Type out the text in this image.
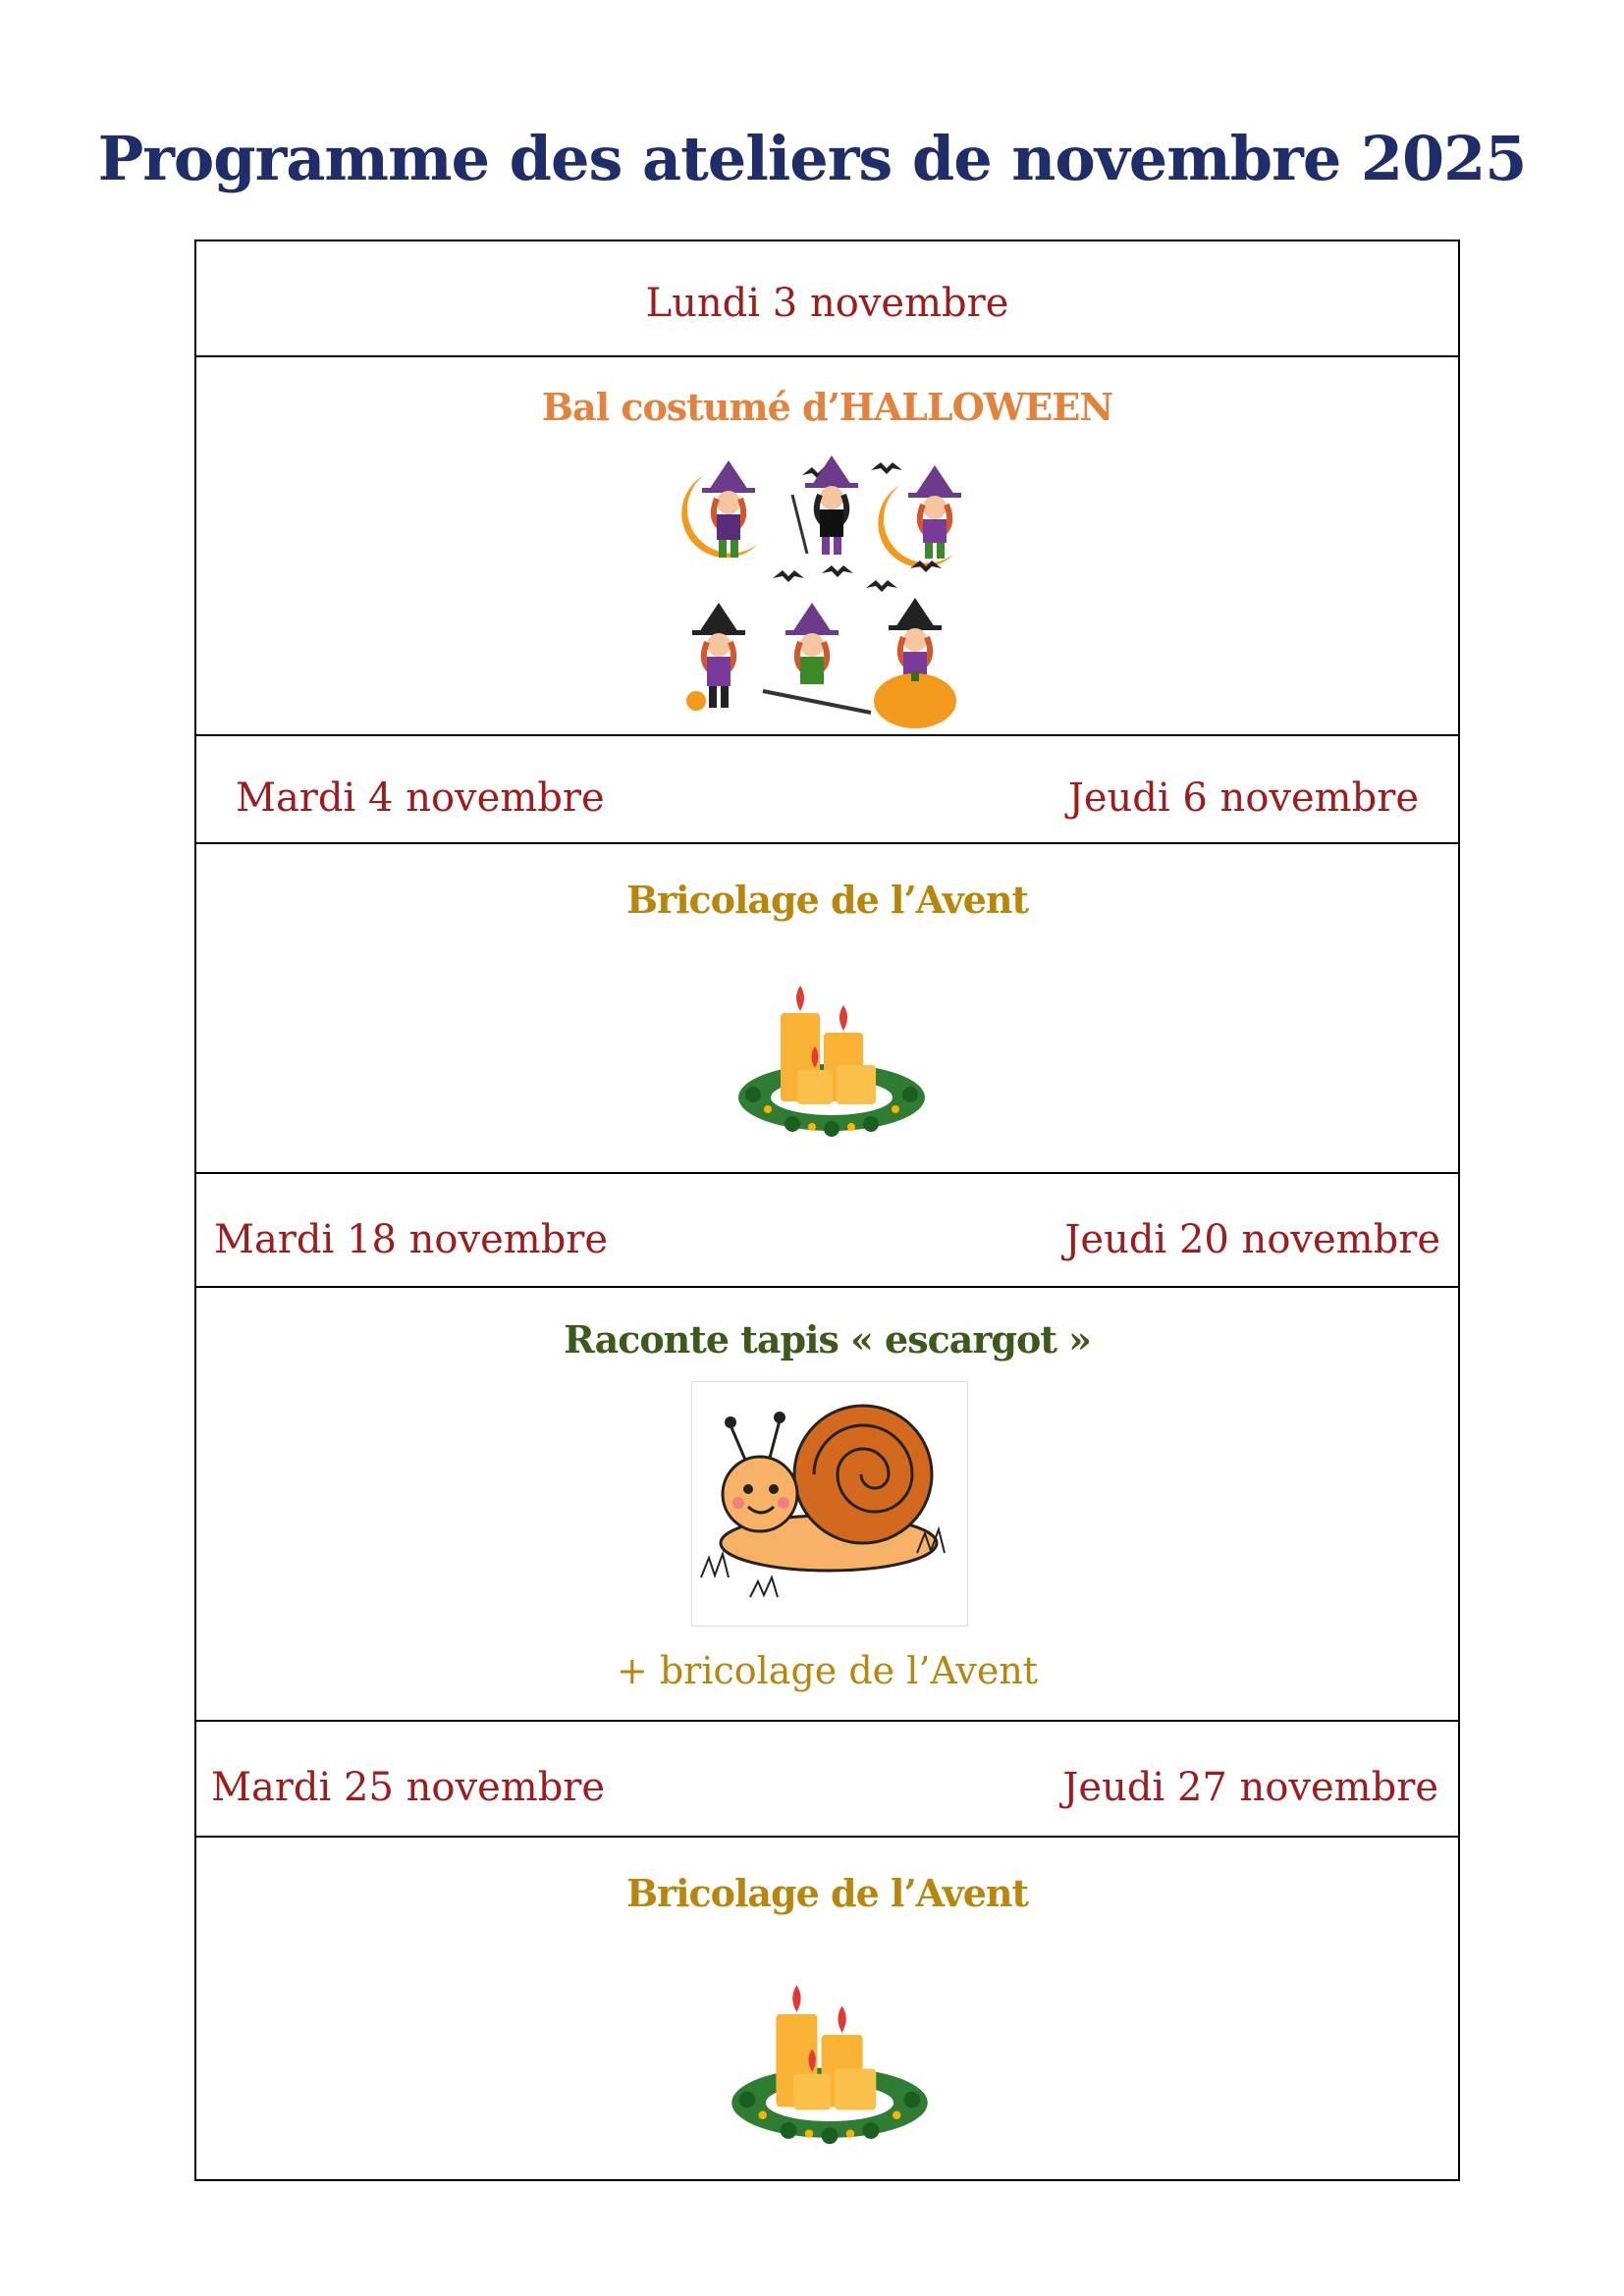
Programme des ateliers de novembre 2025
Lundi 3 novembre
Bal costumé d’HALLOWEEN
Mardi 4 novembre	Jeudi 6 novembre
Bricolage de l’Avent
Mardi 18 novembre	Jeudi 20 novembre
Raconte tapis « escargot »
+ bricolage de l’Avent
Mardi 25 novembre	Jeudi 27 novembre
Bricolage de l’Avent
